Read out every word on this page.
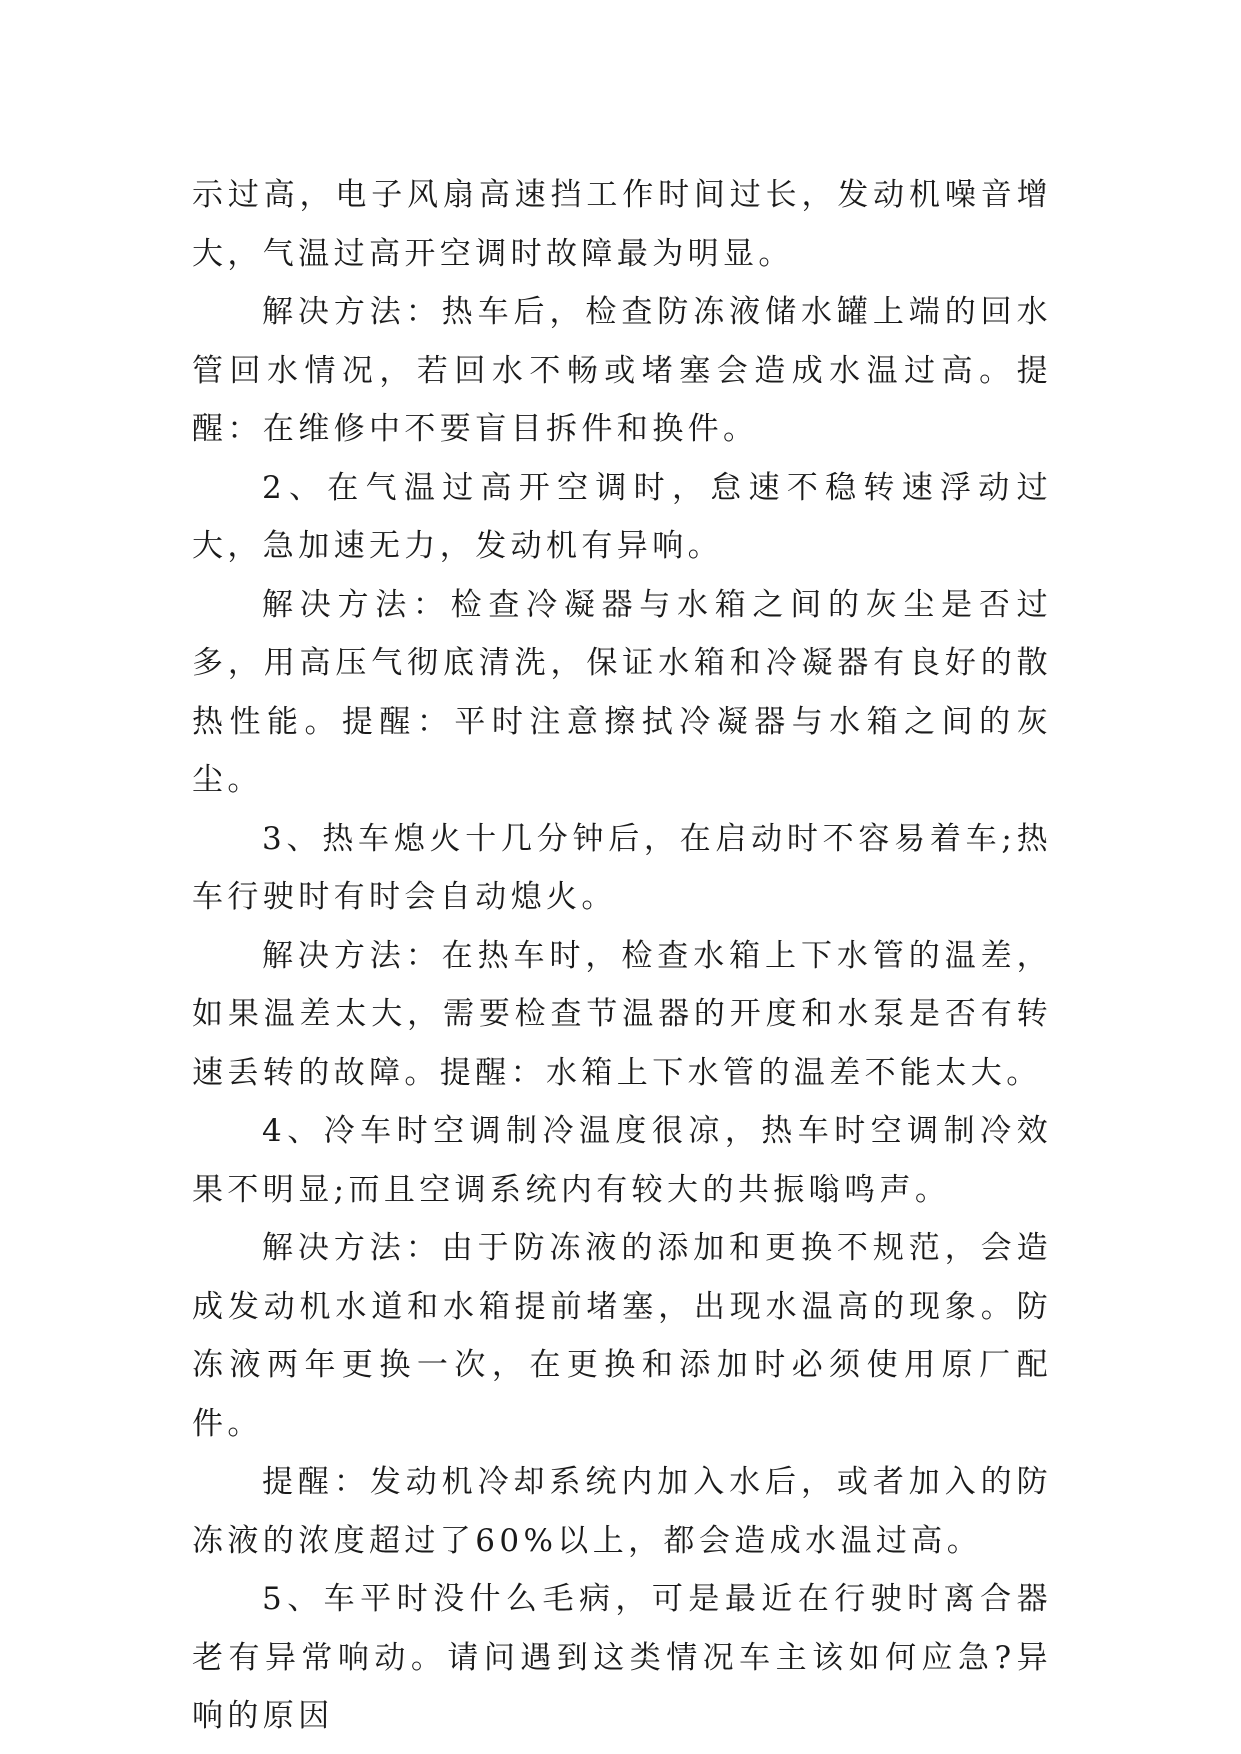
示过高，电子风扇高速挡工作时间过长，发动机噪音增大，气温过高开空调时故障最为明显。

解决方法：热车后，检查防冻液储水罐上端的回水管回水情况，若回水不畅或堵塞会造成水温过高。提醒：在维修中不要盲目拆件和换件。

2、在气温过高开空调时，怠速不稳转速浮动过大，急加速无力，发动机有异响。

解决方法：检查冷凝器与水箱之间的灰尘是否过多，用高压气彻底清洗，保证水箱和冷凝器有良好的散热性能。提醒：平时注意擦拭冷凝器与水箱之间的灰尘。

3、热车熄火十几分钟后，在启动时不容易着车;热车行驶时有时会自动熄火。

解决方法：在热车时，检查水箱上下水管的温差，如果温差太大，需要检查节温器的开度和水泵是否有转速丢转的故障。提醒：水箱上下水管的温差不能太大。

4、冷车时空调制冷温度很凉，热车时空调制冷效果不明显;而且空调系统内有较大的共振嗡鸣声。

解决方法：由于防冻液的添加和更换不规范，会造成发动机水道和水箱提前堵塞，出现水温高的现象。防冻液两年更换一次，在更换和添加时必须使用原厂配件。

提醒：发动机冷却系统内加入水后，或者加入的防冻液的浓度超过了60%以上，都会造成水温过高。

5、车平时没什么毛病，可是最近在行驶时离合器老有异常响动。请问遇到这类情况车主该如何应急?异响的原因
